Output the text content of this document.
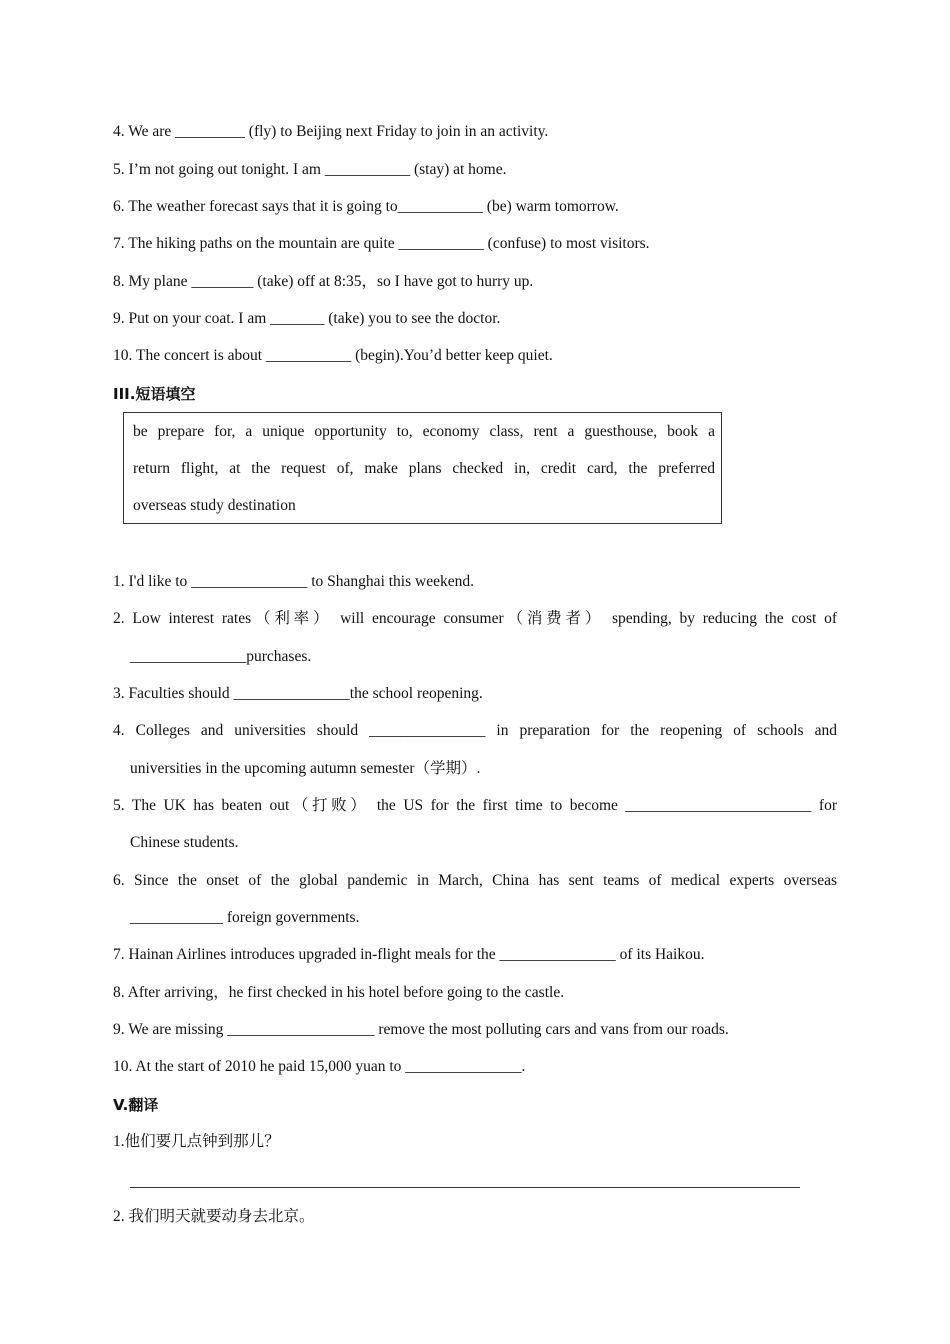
4. We are _________ (fly) to Beijing next Friday to join in an activity.
5. I’m not going out tonight. I am ___________ (stay) at home.
6. The weather forecast says that it is going to___________ (be) warm tomorrow.
7. The hiking paths on the mountain are quite ___________ (confuse) to most visitors.
8. My plane ________ (take) off at 8:35，so I have got to hurry up.
9. Put on your coat. I am _______ (take) you to see the doctor.
10. The concert is about ___________ (begin).You’d better keep quiet.
III.短语填空
be prepare for, a unique opportunity to, economy class, rent a guesthouse, book a
return flight, at the request of, make plans checked in, credit card, the preferred
overseas study destination
1. I'd like to _______________ to Shanghai this weekend.
2. Low interest rates（利率） will encourage consumer（消费者） spending, by reducing the cost of
_______________purchases.
3. Faculties should _______________the school reopening.
4. Colleges and universities should _______________ in preparation for the reopening of schools and
universities in the upcoming autumn semester（学期）.
5. The UK has beaten out（打败） the US for the first time to become ________________________ for
Chinese students.
6. Since the onset of the global pandemic in March, China has sent teams of medical experts overseas
____________ foreign governments.
7. Hainan Airlines introduces upgraded in-flight meals for the _______________ of its Haikou.
8. After arriving，he first checked in his hotel before going to the castle.
9. We are missing ___________________ remove the most polluting cars and vans from our roads.
10. At the start of 2010 he paid 15,000 yuan to _______________.
V.翻译
1.他们要几点钟到那儿？
2. 我们明天就要动身去北京。
